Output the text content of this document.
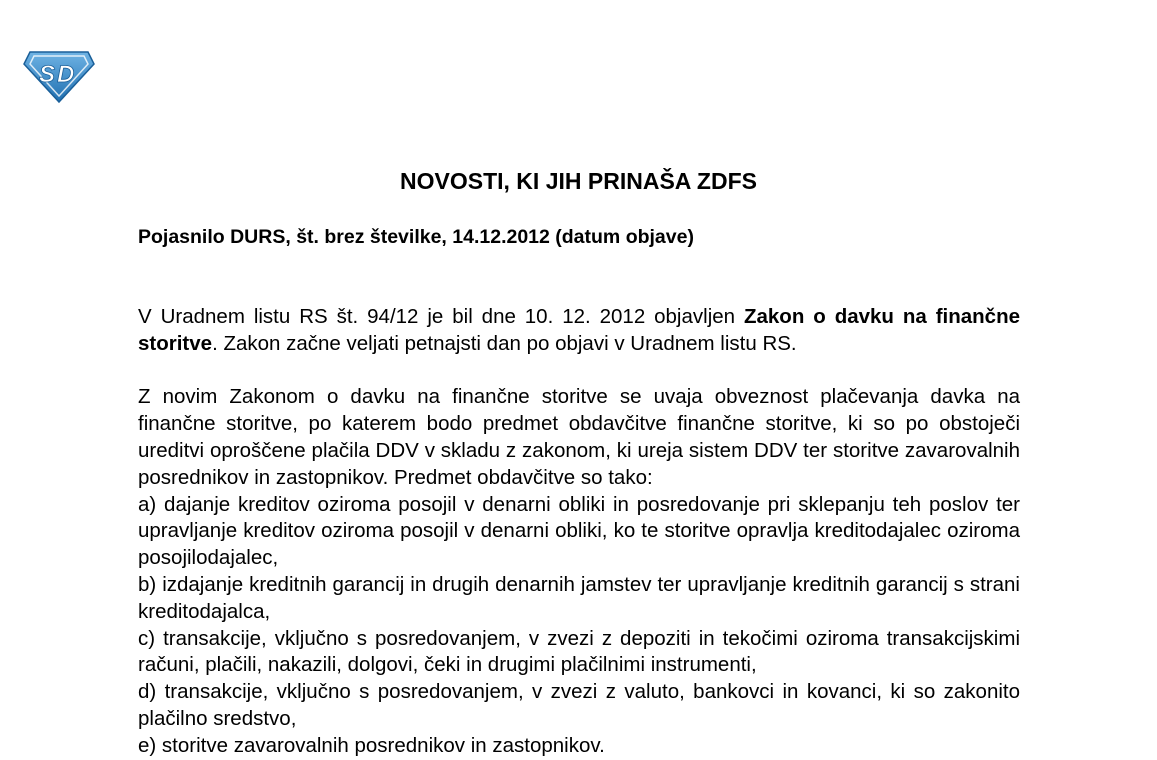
S D
NOVOSTI, KI JIH PRINAŠA ZDFS

Pojasnilo DURS, št. brez številke, 14.12.2012 (datum objave)

V Uradnem listu RS št. 94/12 je bil dne 10. 12. 2012 objavljen Zakon o davku na finančne storitve. Zakon začne veljati petnajsti dan po objavi v Uradnem listu RS.

Z novim Zakonom o davku na finančne storitve se uvaja obveznost plačevanja davka na finančne storitve, po katerem bodo predmet obdavčitve finančne storitve, ki so po obstoječi ureditvi oproščene plačila DDV v skladu z zakonom, ki ureja sistem DDV ter storitve zavarovalnih posrednikov in zastopnikov. Predmet obdavčitve so tako:

a) dajanje kreditov oziroma posojil v denarni obliki in posredovanje pri sklepanju teh poslov ter upravljanje kreditov oziroma posojil v denarni obliki, ko te storitve opravlja kreditodajalec oziroma posojilodajalec,

b) izdajanje kreditnih garancij in drugih denarnih jamstev ter upravljanje kreditnih garancij s strani kreditodajalca,

c) transakcije, vključno s posredovanjem, v zvezi z depoziti in tekočimi oziroma transakcijskimi računi, plačili, nakazili, dolgovi, čeki in drugimi plačilnimi instrumenti,

d) transakcije, vključno s posredovanjem, v zvezi z valuto, bankovci in kovanci, ki so zakonito plačilno sredstvo,

e) storitve zavarovalnih posrednikov in zastopnikov.
